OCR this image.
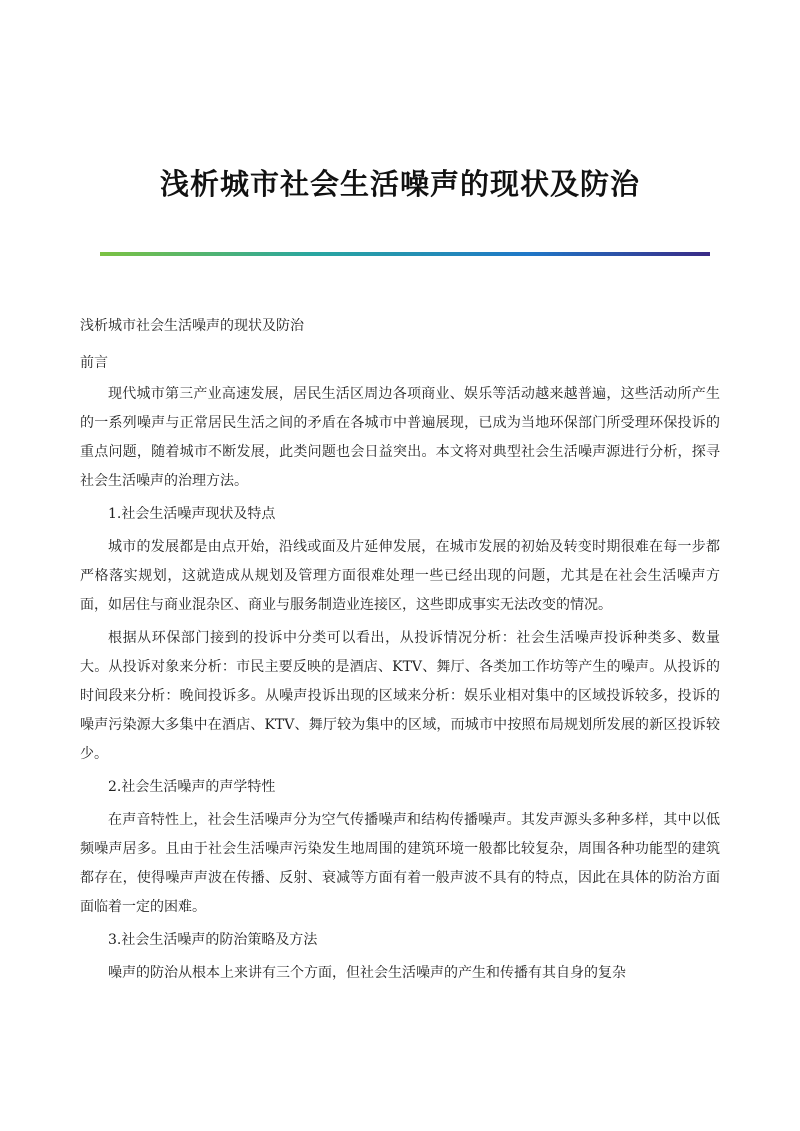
浅析城市社会生活噪声的现状及防治

浅析城市社会生活噪声的现状及防治

前言

现代城市第三产业高速发展，居民生活区周边各项商业、娱乐等活动越来越普遍，这些活动所产生的一系列噪声与正常居民生活之间的矛盾在各城市中普遍展现，已成为当地环保部门所受理环保投诉的重点问题，随着城市不断发展，此类问题也会日益突出。本文将对典型社会生活噪声源进行分析，探寻社会生活噪声的治理方法。

1.社会生活噪声现状及特点

城市的发展都是由点开始，沿线或面及片延伸发展，在城市发展的初始及转变时期很难在每一步都严格落实规划，这就造成从规划及管理方面很难处理一些已经出现的问题，尤其是在社会生活噪声方面，如居住与商业混杂区、商业与服务制造业连接区，这些即成事实无法改变的情况。

根据从环保部门接到的投诉中分类可以看出，从投诉情况分析：社会生活噪声投诉种类多、数量大。从投诉对象来分析：市民主要反映的是酒店、KTV、舞厅、各类加工作坊等产生的噪声。从投诉的时间段来分析：晚间投诉多。从噪声投诉出现的区域来分析：娱乐业相对集中的区域投诉较多，投诉的噪声污染源大多集中在酒店、KTV、舞厅较为集中的区域，而城市中按照布局规划所发展的新区投诉较少。

2.社会生活噪声的声学特性

在声音特性上，社会生活噪声分为空气传播噪声和结构传播噪声。其发声源头多种多样，其中以低频噪声居多。且由于社会生活噪声污染发生地周围的建筑环境一般都比较复杂，周围各种功能型的建筑都存在，使得噪声声波在传播、反射、衰减等方面有着一般声波不具有的特点，因此在具体的防治方面面临着一定的困难。

3.社会生活噪声的防治策略及方法

噪声的防治从根本上来讲有三个方面，但社会生活噪声的产生和传播有其自身的复杂
